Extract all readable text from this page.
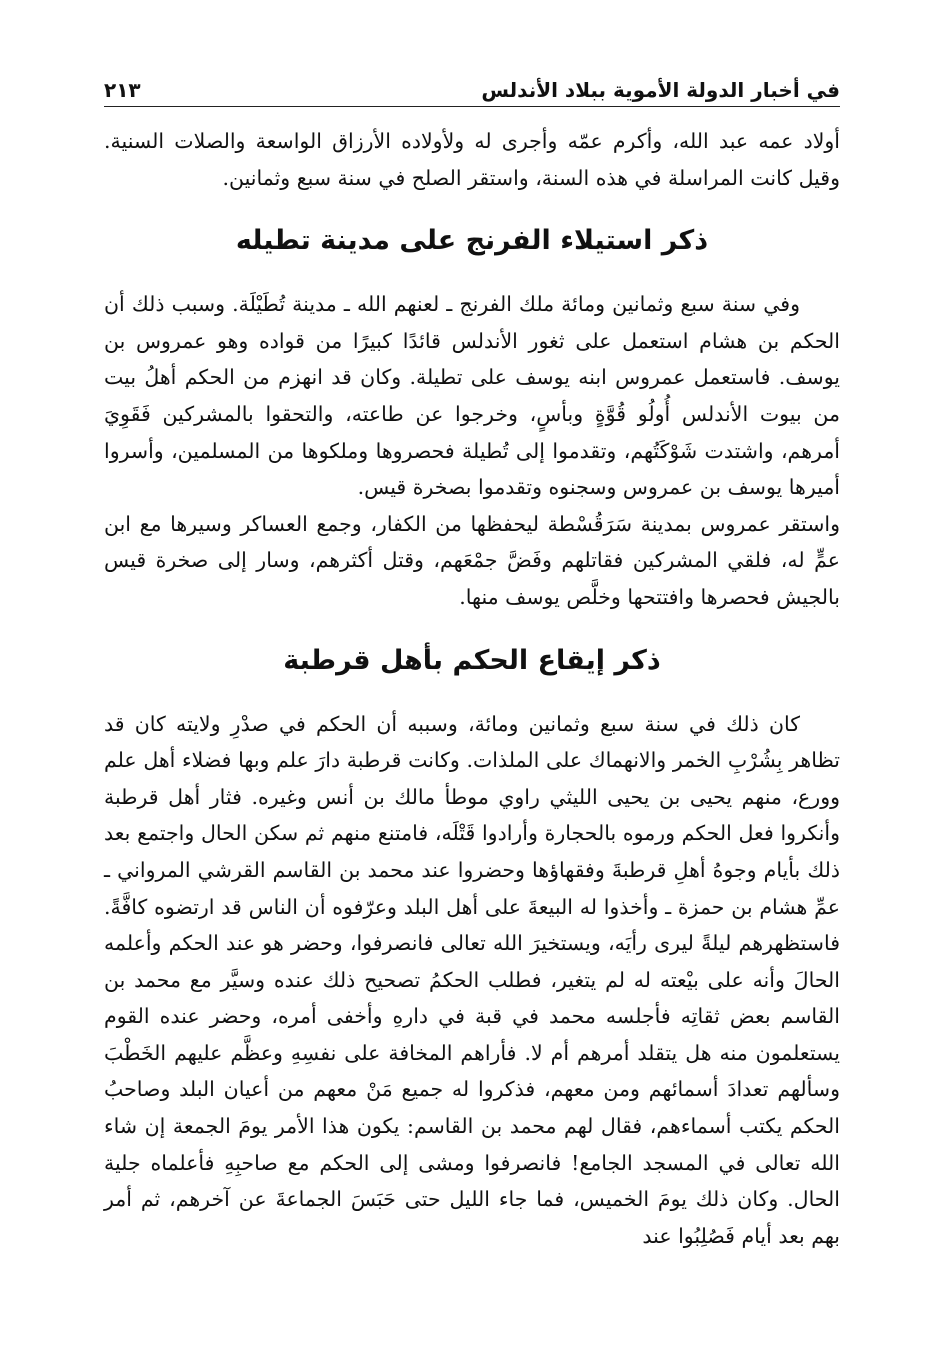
في أخبار الدولة الأموية ببلاد الأندلس
٢١٣

أولاد عمه عبد الله، وأكرم عمّه وأجرى له ولأولاده الأرزاق الواسعة والصلات السنية. وقيل كانت المراسلة في هذه السنة، واستقر الصلح في سنة سبع وثمانين.

ذكر استيلاء الفرنج على مدينة تطيله

وفي سنة سبع وثمانين ومائة ملك الفرنج ـ لعنهم الله ـ مدينة تُطَيْلَة. وسبب ذلك أن الحكم بن هشام استعمل على ثغور الأندلس قائدًا كبيرًا من قواده وهو عمروس بن يوسف. فاستعمل عمروس ابنه يوسف على تطيلة. وكان قد انهزم من الحكم أهلُ بيت من بيوت الأندلس أُولُو قُوَّةٍ وبأسٍ، وخرجوا عن طاعته، والتحقوا بالمشركين فَقَوِيَ أمرهم، واشتدت شَوْكَتُهم، وتقدموا إلى تُطيلة فحصروها وملكوها من المسلمين، وأسروا أميرها يوسف بن عمروس وسجنوه وتقدموا بصخرة قيس.

واستقر عمروس بمدينة سَرَقُسْطة ليحفظها من الكفار، وجمع العساكر وسيرها مع ابن عمٍّ له، فلقي المشركين فقاتلهم وفَضَّ جمْعَهم، وقتل أكثرهم، وسار إلى صخرة قيس بالجيش فحصرها وافتتحها وخلَّص يوسف منها.

ذكر إيقاع الحكم بأهل قرطبة

كان ذلك في سنة سبع وثمانين ومائة، وسببه أن الحكم في صدْرِ ولايته كان قد تظاهر بِشُرْبِ الخمر والانهماك على الملذات. وكانت قرطبة دارَ علم وبها فضلاء أهل علم وورع، منهم يحيى بن يحيى الليثي راوي موطأ مالك بن أنس وغيره. فثار أهل قرطبة وأنكروا فعل الحكم ورموه بالحجارة وأرادوا قَتْلَه، فامتنع منهم ثم سكن الحال واجتمع بعد ذلك بأيام وجوهُ أهلِ قرطبةَ وفقهاؤها وحضروا عند محمد بن القاسم القرشي المرواني ـ عمِّ هشام بن حمزة ـ وأخذوا له البيعةَ على أهل البلد وعرّفوه أن الناس قد ارتضوه كافَّةً. فاستظهرهم ليلةً ليرى رأيَه، ويستخيرَ الله تعالى فانصرفوا، وحضر هو عند الحكم وأعلمه الحالَ وأنه على بيْعته له لم يتغير، فطلب الحكمُ تصحيح ذلك عنده وسيَّر مع محمد بن القاسم بعض ثقاتِه فأجلسه محمد في قبة في دارهِ وأخفى أمره، وحضر عنده القوم يستعلمون منه هل يتقلد أمرهم أم لا. فأراهم المخافة على نفسِهِ وعظَّم عليهم الخَطْبَ وسألهم تعدادَ أسمائهم ومن معهم، فذكروا له جميع مَنْ معهم من أعيان البلد وصاحبُ الحكم يكتب أسماءهم، فقال لهم محمد بن القاسم: يكون هذا الأمر يومَ الجمعة إن شاء الله تعالى في المسجد الجامع! فانصرفوا ومشى إلى الحكم مع صاحبِهِ فأعلماه جلية الحال. وكان ذلك يومَ الخميس، فما جاء الليل حتى حَبَسَ الجماعةَ عن آخرهم، ثم أمر بهم بعد أيام فَصُلِبُوا عند
